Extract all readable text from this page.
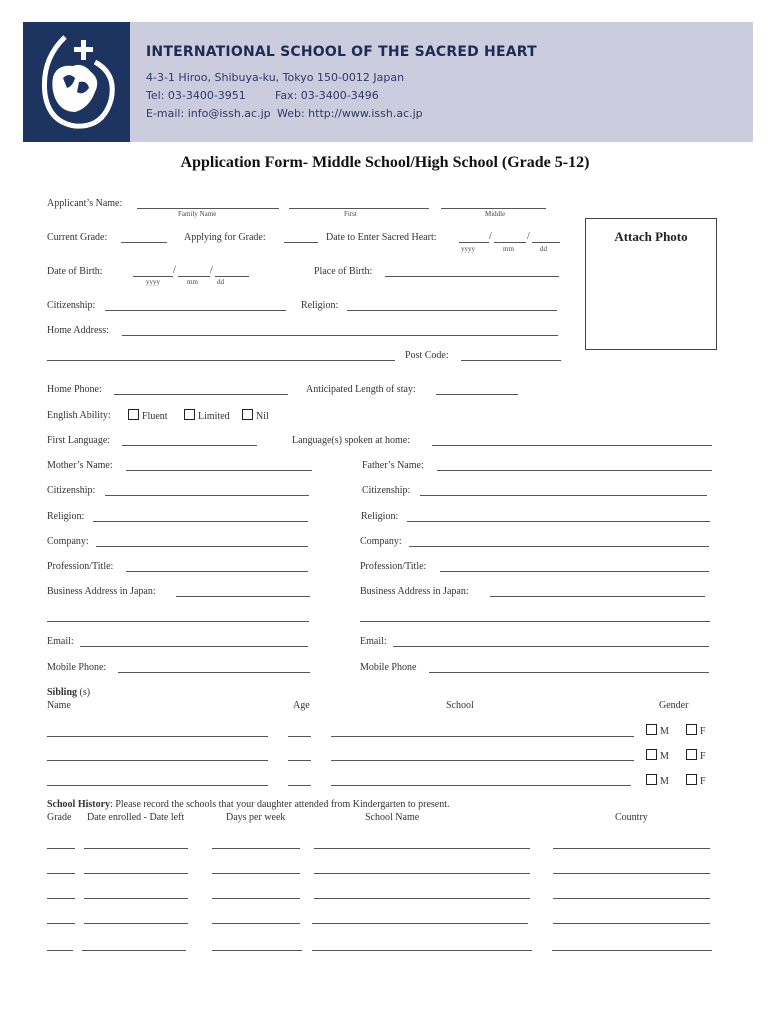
INTERNATIONAL SCHOOL OF THE SACRED HEART
4-3-1 Hiroo, Shibuya-ku, Tokyo 150-0012 Japan
Tel: 03-3400-3951	Fax: 03-3400-3496
E-mail: info@issh.ac.jp Web: http://www.issh.ac.jp
Application Form- Middle School/High School (Grade 5-12)
Attach Photo
Applicant’s Name:
Family Name	First	Middle
Current Grade:	Applying for Grade:	Date to Enter Sacred Heart:	/	/
yyyy	mm	dd
Date of Birth:	/	/
yyyy	mm	dd
Place of Birth:
Citizenship:	Religion:
Home Address:
Post Code:
Home Phone:	Anticipated Length of stay:
English Ability:	Fluent	Limited	Nil
First Language:	Language(s) spoken at home:
Mother’s Name:	Father’s Name:
Citizenship:	Citizenship:
Religion:	Religion:
Company:	Company:
Profession/Title:	Profession/Title:
Business Address in Japan:	Business Address in Japan:
Email:	Email:
Mobile Phone:	Mobile Phone
Sibling (s)
Name	Age	School	Gender
M	F
M	F
M	F
School History: Please record the schools that your daughter attended from Kindergarten to present.
Grade Date enrolled - Date left	Days per week	School Name	Country
